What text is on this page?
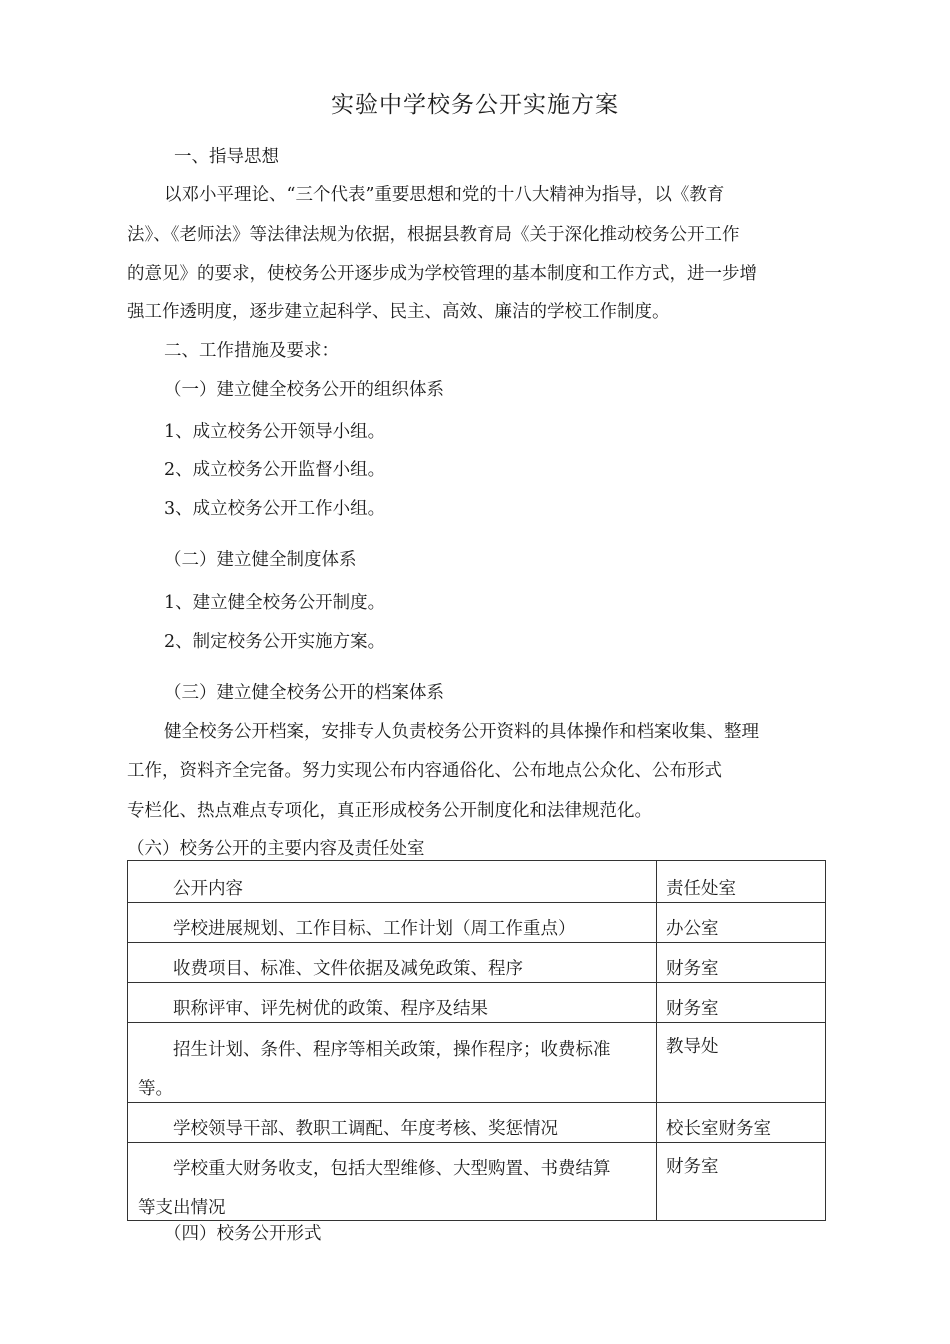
实验中学校务公开实施方案
一、指导思想
以邓小平理论、“三个代表”重要思想和党的十八大精神为指导，以《教育
法》、《老师法》等法律法规为依据，根据县教育局《关于深化推动校务公开工作
的意见》的要求，使校务公开逐步成为学校管理的基本制度和工作方式，进一步增
强工作透明度，逐步建立起科学、民主、高效、廉洁的学校工作制度。
二、工作措施及要求：
（一）建立健全校务公开的组织体系
1、成立校务公开领导小组。
2、成立校务公开监督小组。
3、成立校务公开工作小组。
（二）建立健全制度体系
1、建立健全校务公开制度。
2、制定校务公开实施方案。
（三）建立健全校务公开的档案体系
健全校务公开档案，安排专人负责校务公开资料的具体操作和档案收集、整理
工作，资料齐全完备。努力实现公布内容通俗化、公布地点公众化、公布形式
专栏化、热点难点专项化，真正形成校务公开制度化和法律规范化。
（六）校务公开的主要内容及责任处室
公开内容	责任处室

学校进展规划、工作目标、工作计划（周工作重点）	办公室

收费项目、标准、文件依据及减免政策、程序	财务室

职称评审、评先树优的政策、程序及结果	财务室

招生计划、条件、程序等相关政策，操作程序；收费标准
等。	教导处

学校领导干部、教职工调配、年度考核、奖惩情况	校长室财务室

学校重大财务收支，包括大型维修、大型购置、书费结算
等支出情况	财务室
（四）校务公开形式
